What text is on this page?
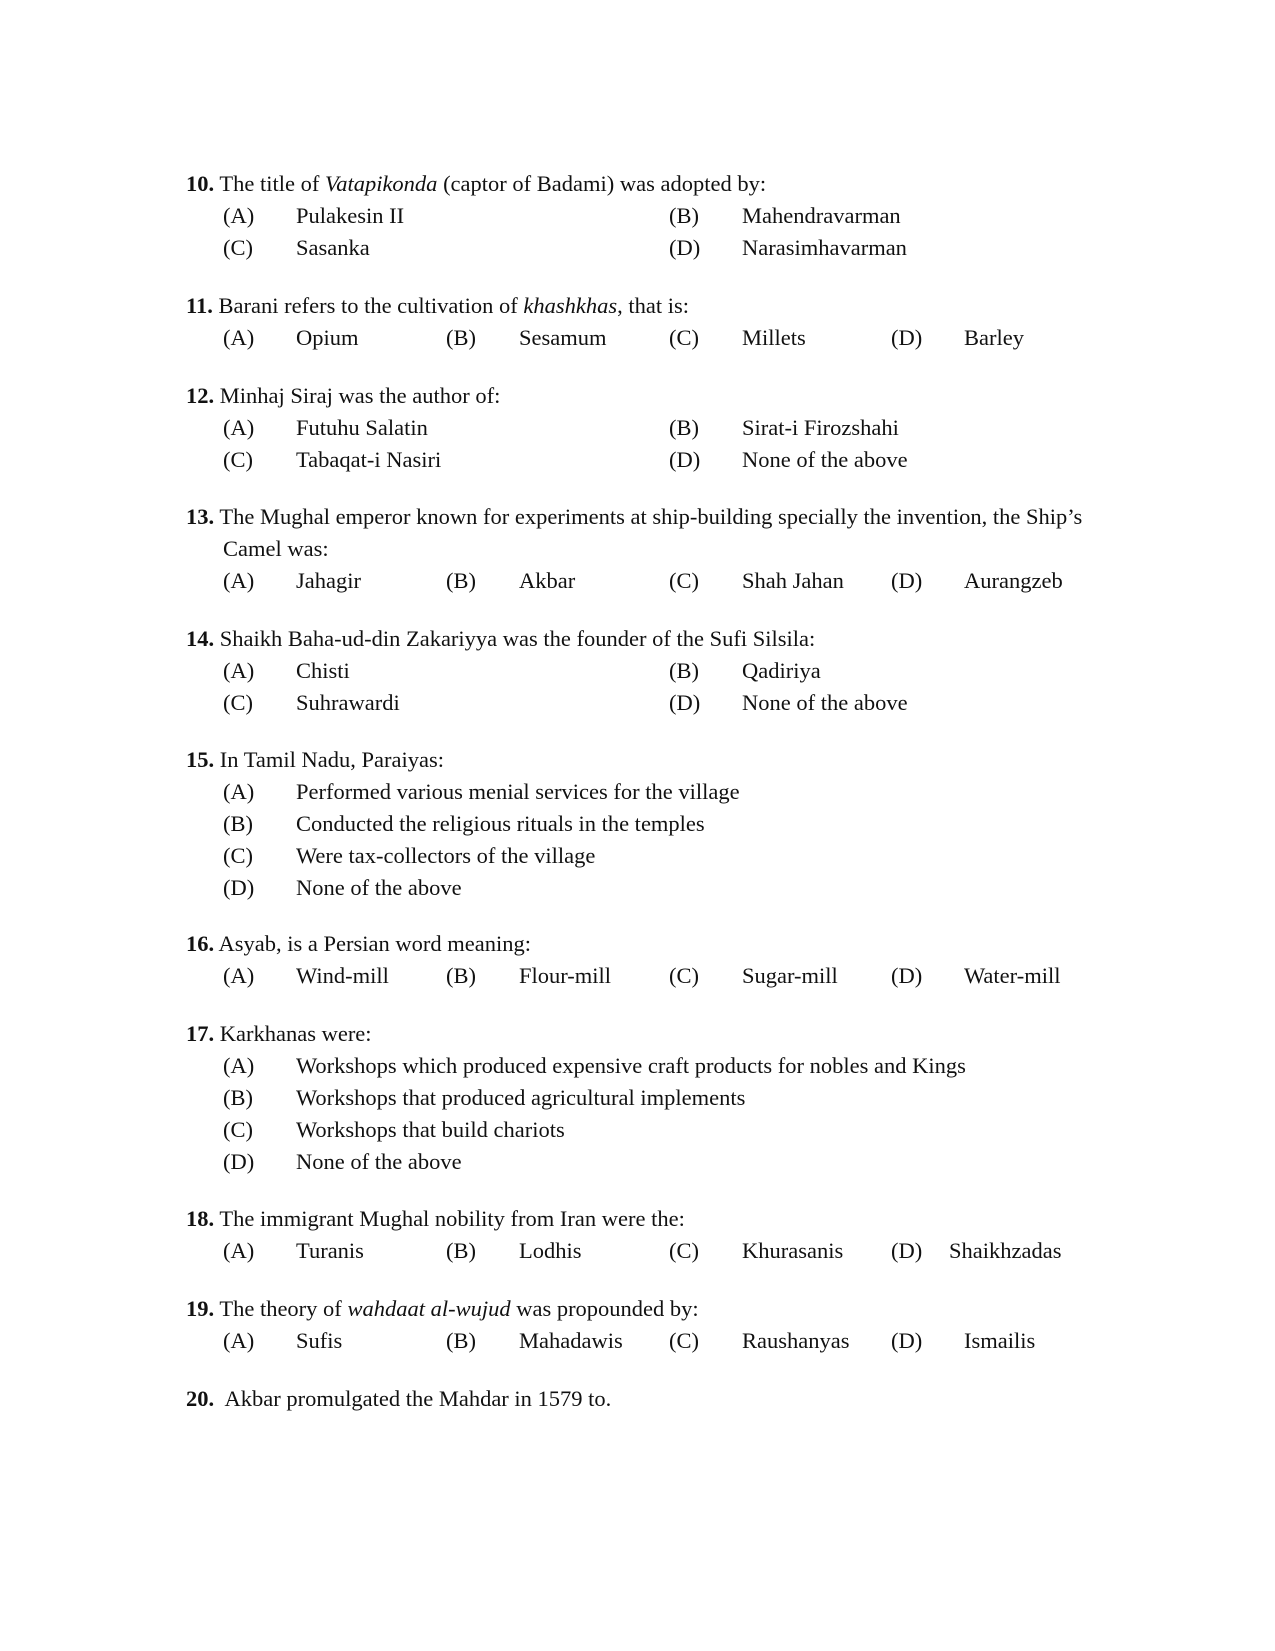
10. The title of Vatapikonda (captor of Badami) was adopted by:
(A) Pulakesin II	(B) Mahendravarman
(C) Sasanka	(D) Narasimhavarman
11. Barani refers to the cultivation of khashkhas, that is:
(A) Opium	(B) Sesamum	(C) Millets	(D) Barley
12. Minhaj Siraj was the author of:
(A) Futuhu Salatin	(B) Sirat-i Firozshahi
(C) Tabaqat-i Nasiri	(D) None of the above
13. The Mughal emperor known for experiments at ship-building specially the invention, the Ship’s Camel was:
(A) Jahagir	(B) Akbar	(C) Shah Jahan (D) Aurangzeb
14. Shaikh Baha-ud-din Zakariyya was the founder of the Sufi Silsila:
(A) Chisti	(B) Qadiriya
(C) Suhrawardi	(D) None of the above
15. In Tamil Nadu, Paraiyas:
(A) Performed various menial services for the village
(B) Conducted the religious rituals in the temples
(C) Were tax-collectors of the village
(D) None of the above
16. Asyab, is a Persian word meaning:
(A) Wind-mill	(B) Flour-mill	(C) Sugar-mill (D) Water-mill
17. Karkhanas were:
(A) Workshops which produced expensive craft products for nobles and Kings
(B) Workshops that produced agricultural implements
(C) Workshops that build chariots
(D) None of the above
18. The immigrant Mughal nobility from Iran were the:
(A) Turanis	(B) Lodhis	(C) Khurasanis (D) Shaikhzadas
19. The theory of wahdaat al-wujud was propounded by:
(A) Sufis	(B) Mahadawis (C) Raushanyas (D) Ismailis
20. Akbar promulgated the Mahdar in 1579 to.
